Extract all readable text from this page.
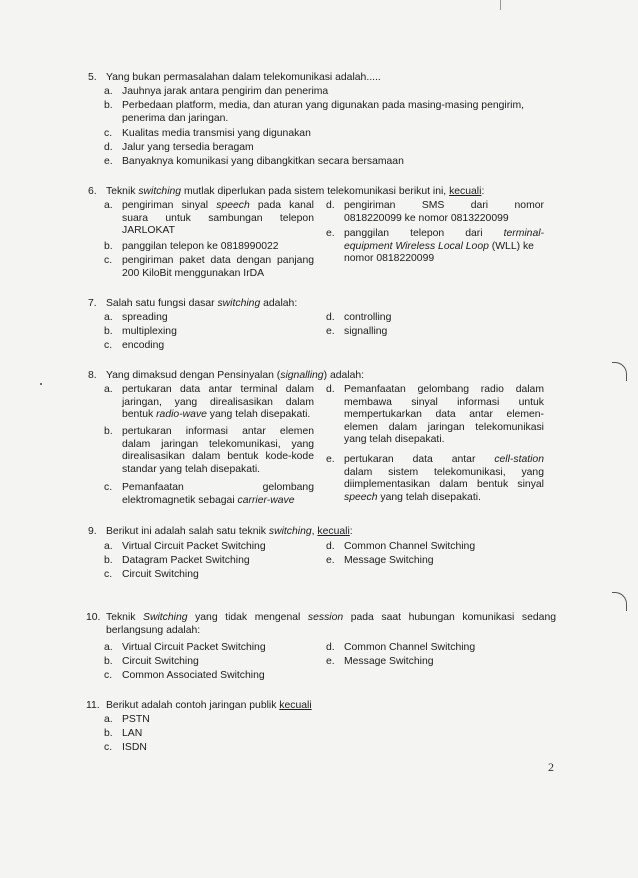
5. Yang bukan permasalahan dalam telekomunikasi adalah.....
a. Jauhnya jarak antara pengirim dan penerima
b. Perbedaan platform, media, dan aturan yang digunakan pada masing-masing pengirim,
penerima dan jaringan.
c. Kualitas media transmisi yang digunakan
d. Jalur yang tersedia beragam
e. Banyaknya komunikasi yang dibangkitkan secara bersamaan
6. Teknik switching mutlak diperlukan pada sistem telekomunikasi berikut ini, kecuali:
a. pengiriman sinyal speech pada kanal
suara untuk sambungan telepon
JARLOKAT
b. panggilan telepon ke 0818990022
c. pengiriman paket data dengan panjang
200 KiloBit menggunakan IrDA
d. pengiriman SMS dari nomor
0818220099 ke nomor 0813220099
e. panggilan telepon dari terminal-
equipment Wireless Local Loop (WLL) ke
nomor 0818220099
7. Salah satu fungsi dasar switching adalah:
a. spreading
b. multiplexing
c. encoding
d. controlling
e. signalling
8. Yang dimaksud dengan Pensinyalan (signalling) adalah:
a. pertukaran data antar terminal dalam
jaringan, yang direalisasikan dalam
bentuk radio-wave yang telah disepakati.
b. pertukaran informasi antar elemen
dalam jaringan telekomunikasi, yang
direalisasikan dalam bentuk kode-kode
standar yang telah disepakati.
c. Pemanfaatan gelombang
elektromagnetik sebagai carrier-wave
d. Pemanfaatan gelombang radio dalam
membawa sinyal informasi untuk
mempertukarkan data antar elemen-
elemen dalam jaringan telekomunikasi
yang telah disepakati.
e. pertukaran data antar cell-station
dalam sistem telekomunikasi, yang
diimplementasikan dalam bentuk sinyal
speech yang telah disepakati.
9. Berikut ini adalah salah satu teknik switching, kecuali:
a. Virtual Circuit Packet Switching
b. Datagram Packet Switching
c. Circuit Switching
d. Common Channel Switching
e. Message Switching
10. Teknik Switching yang tidak mengenal session pada saat hubungan komunikasi sedang
berlangsung adalah:
a. Virtual Circuit Packet Switching
b. Circuit Switching
c. Common Associated Switching
d. Common Channel Switching
e. Message Switching
11. Berikut adalah contoh jaringan publik kecuali
a. PSTN
b. LAN
c. ISDN
2
